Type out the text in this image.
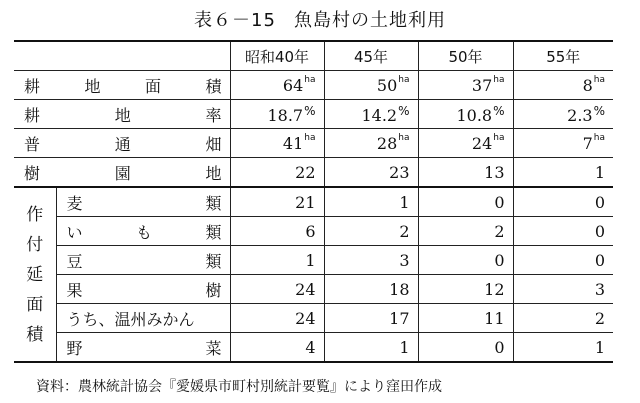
表６－15 魚島村の土地利用
		昭和40年	45年	50年	55年

耕 地 面 積		$64^{ha}$	$50^{ha}$	$37^{ha}$	$8^{ha}$

耕 地 率		18.7%	14.2%	10.8%	2.3%

普 通 畑		$41^{ha}$	$28^{ha}$	$24^{ha}$	$7^{ha}$

樹 園 地		22	23	13	1

作
付
延
面
積	麦 類	21	1	0	0

	い も 類	6	2	2	0

	豆 類	1	3	0	0

	果 樹	24	18	12	3

	うち、温州みかん	24	17	11	2

	野 菜	4	1	0	1
資料：農林統計協会『愛媛県市町村別統計要覧』により窪田作成
